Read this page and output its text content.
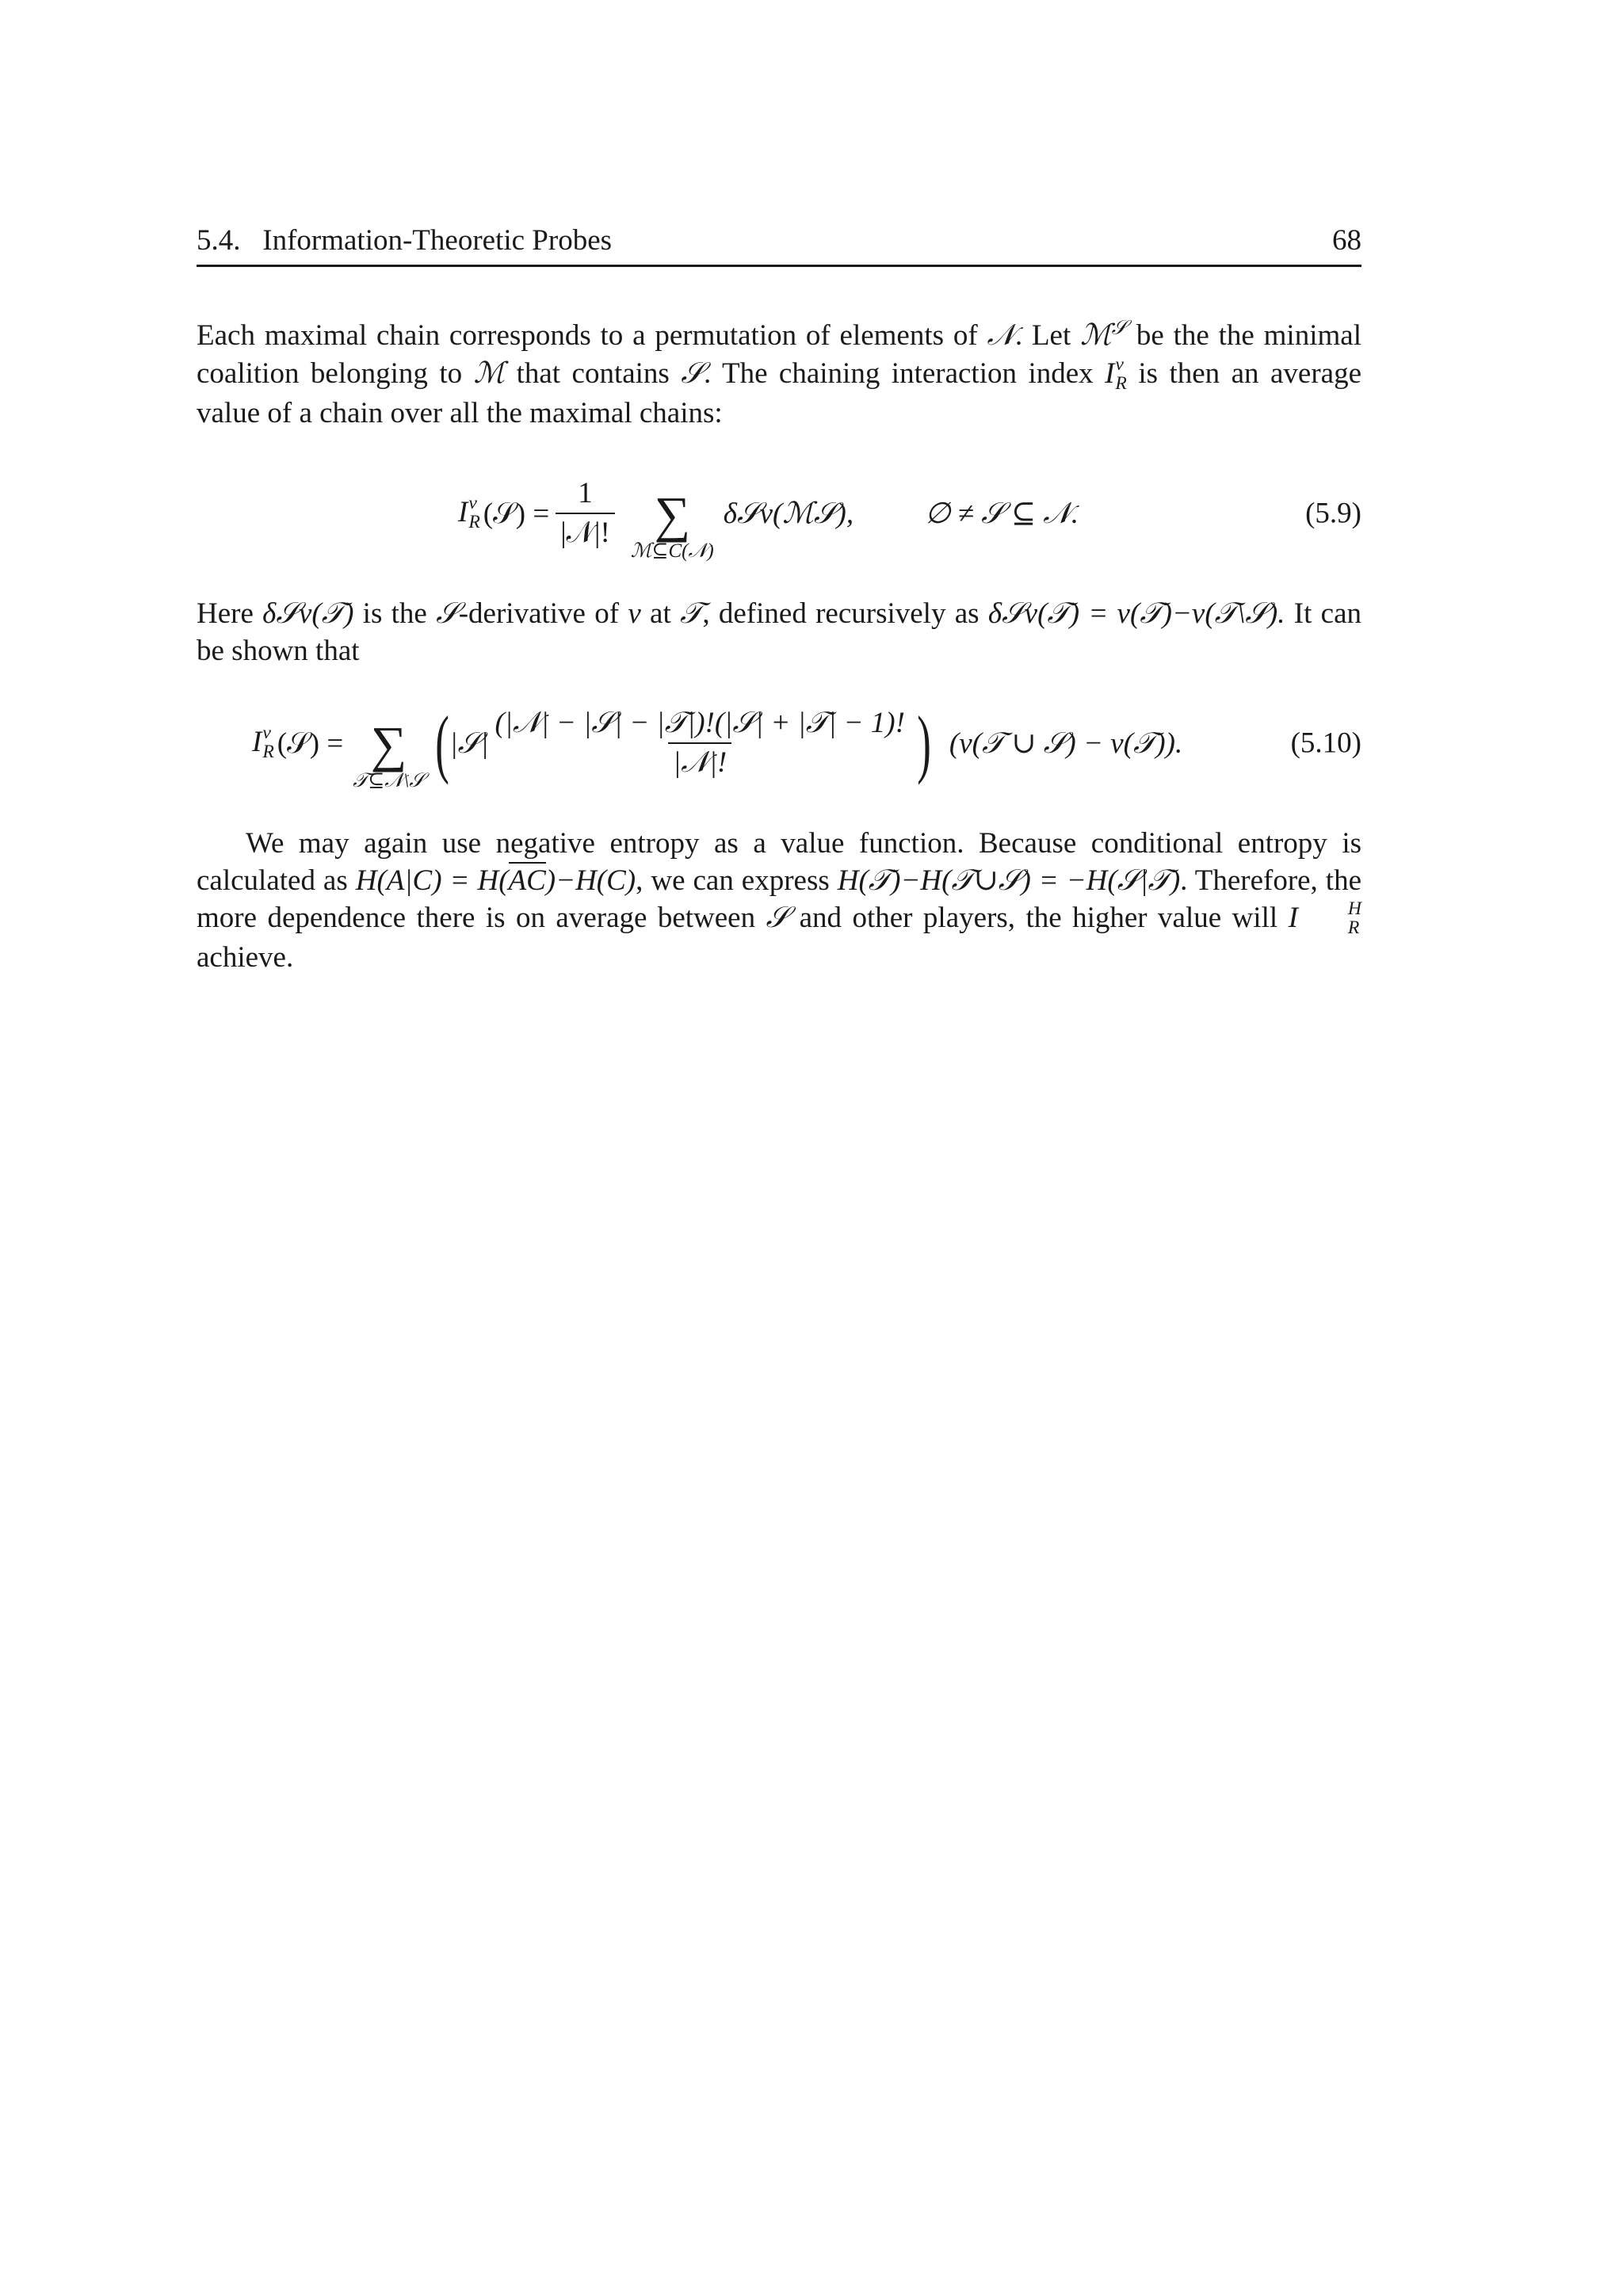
5.4.   Information-Theoretic Probes	68

Each maximal chain corresponds to a permutation of elements of 𝒩. Let ℳ$^𝒮$ be the the minimal coalition belonging to ℳ that contains 𝒮. The chaining interaction index I v
R is then an average value of a chain over all the maximal chains:

I v
R (𝒮) = $\frac{1}{\text{|𝒩|!}}$ ∑
ℳ⊆C(𝒩)
δ𝒮v(ℳ𝒮), ∅ ≠ 𝒮 ⊆ 𝒩.	(5.9)

Here δ𝒮v(𝒯) is the 𝒮-derivative of v at 𝒯, defined recursively as δ𝒮v(𝒯) = v(𝒯)−v(𝒯\𝒮). It can be shown that

I v
R (𝒮) = ∑
𝒯⊆𝒩\𝒮 ( |𝒮| $\frac{\text{(|𝒩| − |𝒮| − |𝒯|)!(|𝒮| + |𝒯| − 1)!}}{\text{|𝒩|!}}$ ) (v(𝒯 ∪ 𝒮) − v(𝒯)).	(5.10)

We may again use negative entropy as a value function. Because conditional entropy is calculated as H(A|C) = H(AC)−H(C), we can express H(𝒯)−H(𝒯∪𝒮) = −H(𝒮|𝒯). Therefore, the more dependence there is on average between 𝒮 and other players, the higher value will I	H
R
achieve.
